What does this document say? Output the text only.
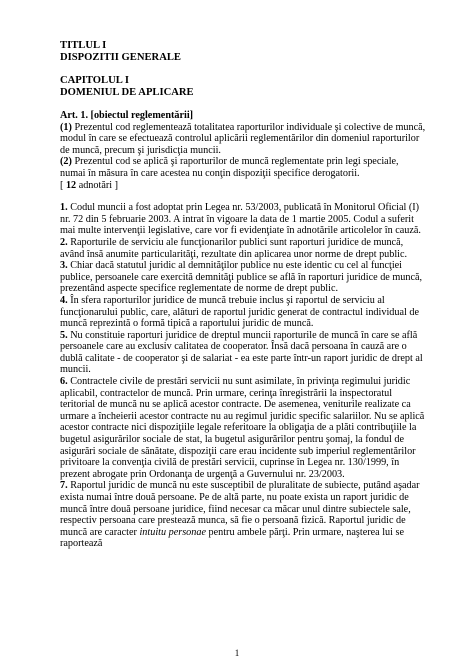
TITLUL I

DISPOZITII GENERALE

CAPITOLUL I

DOMENIUL DE APLICARE

Art. 1. [obiectul reglementării]

(1) Prezentul cod reglementează totalitatea raporturilor individuale şi colective de muncă, modul în care se efectuează controlul aplicării reglementărilor din domeniul raporturilor de muncă, precum şi jurisdicţia muncii.

(2) Prezentul cod se aplică şi raporturilor de muncă reglementate prin legi speciale, numai în măsura în care acestea nu conţin dispoziţii specifice derogatorii.

[ 12 adnotări ]

1. Codul muncii a fost adoptat prin Legea nr. 53/2003, publicată în Monitorul Oficial (I) nr. 72 din 5 februarie 2003. A intrat în vigoare la data de 1 martie 2005. Codul a suferit mai multe intervenţii legislative, care vor fi evidenţiate în adnotările articolelor în cauză.

2. Raporturile de serviciu ale funcţionarilor publici sunt raporturi juridice de muncă, având însă anumite particularităţi, rezultate din aplicarea unor norme de drept public.

3. Chiar dacă statutul juridic al demnităţilor publice nu este identic cu cel al funcţiei publice, persoanele care exercită demnităţi publice se află în raporturi juridice de muncă, prezentând aspecte specifice reglementate de norme de drept public.

4. În sfera raporturilor juridice de muncă trebuie inclus şi raportul de serviciu al funcţionarului public, care, alături de raportul juridic generat de contractul individual de muncă reprezintă o formă tipică a raportului juridic de muncă.

5. Nu constituie raporturi juridice de dreptul muncii raporturile de muncă în care se află persoanele care au exclusiv calitatea de cooperator. Însă dacă persoana în cauză are o dublă calitate - de cooperator şi de salariat - ea este parte într-un raport juridic de drept al muncii.

6. Contractele civile de prestări servicii nu sunt asimilate, în privinţa regimului juridic aplicabil, contractelor de muncă. Prin urmare, cerinţa înregistrării la inspectoratul teritorial de muncă nu se aplică acestor contracte. De asemenea, veniturile realizate ca urmare a încheierii acestor contracte nu au regimul juridic specific salariilor. Nu se aplică acestor contracte nici dispoziţiile legale referitoare la obligaţia de a plăti contribuţiile la bugetul asigurărilor sociale de stat, la bugetul asigurărilor pentru şomaj, la fondul de asigurări sociale de sănătate, dispoziţii care erau incidente sub imperiul reglementărilor privitoare la convenţia civilă de prestări servicii, cuprinse în Legea nr. 130/1999, în prezent abrogate prin Ordonanţa de urgenţă a Guvernului nr. 23/2003.

7. Raportul juridic de muncă nu este susceptibil de pluralitate de subiecte, putând aşadar exista numai între două persoane. Pe de altă parte, nu poate exista un raport juridic de muncă între două persoane juridice, fiind necesar ca măcar unul dintre subiectele sale, respectiv persoana care prestează munca, să fie o persoană fizică. Raportul juridic de muncă are caracter intuitu personae pentru ambele părţi. Prin urmare, naşterea lui se raportează

1
